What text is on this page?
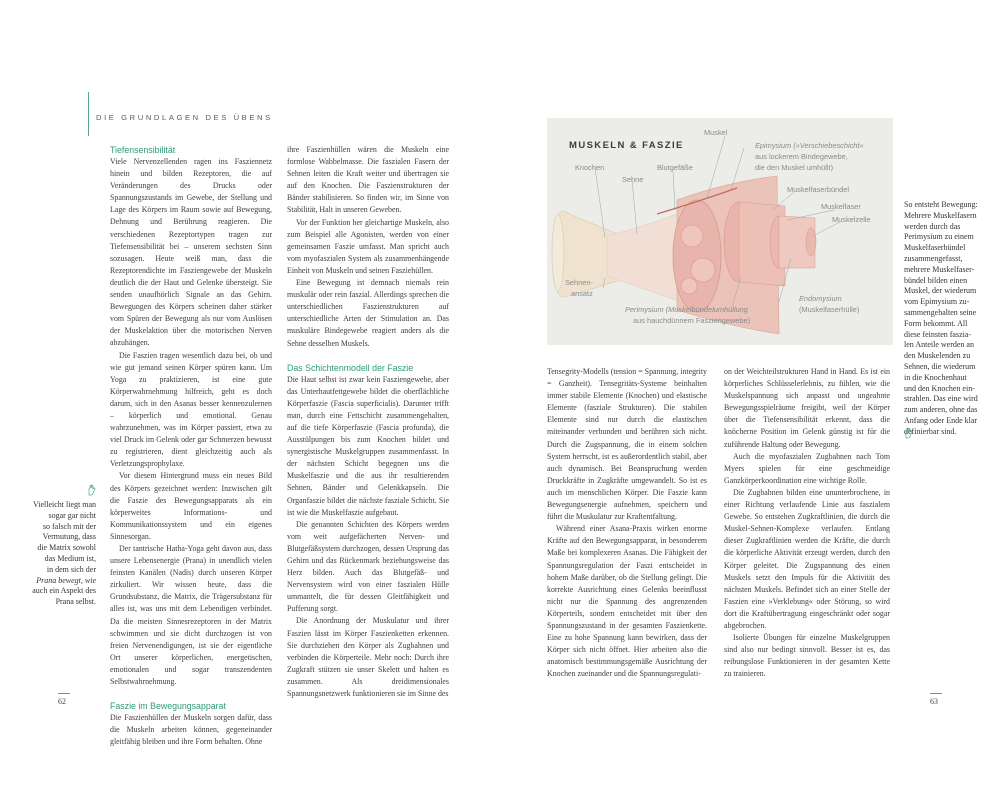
DIE GRUNDLAGEN DES ÜBENS
Vielleicht liegt man
sogar gar nicht
so falsch mit der
Vermutung, dass
die Matrix sowohl
das Medium ist,
in dem sich der
Prana bewegt, wie
auch ein Aspekt des
Prana selbst.
Tiefensensibilität

Viele Nervenzellenden ragen ins Fasziennetz hinein und bilden Rezeptoren, die auf Veränderungen des Drucks oder Spannungszustands im Gewebe, der Stellung und Lage des Körpers im Raum sowie auf Bewegung, Dehnung und Berührung reagieren. Die verschiedenen Rezeptortypen tragen zur Tiefensensibilität bei – unserem sechsten Sinn sozusagen. Heute weiß man, dass die Rezeptorendichte im Fasziengewebe der Muskeln deutlich die der Haut und Gelenke übersteigt. Sie senden unaufhörlich Signale an das Gehirn. Bewegungen des Körpers scheinen daher stärker vom Spüren der Bewegung als nur vom Auslösen der Muskelaktion über die motorischen Nerven abzuhängen.

Die Faszien tragen wesentlich dazu bei, ob und wie gut jemand seinen Körper spüren kann. Um Yoga zu praktizieren, ist eine gute Körperwahrnehmung hilfreich, geht es doch darum, sich in den Asanas besser kennenzulernen – körperlich und emotional. Genau wahrzunehmen, was im Körper passiert, etwa zu viel Druck im Gelenk oder gar Schmerzen bewusst zu registrieren, dient gleichzeitig auch als Verletzungsprophylaxe.

Vor diesem Hintergrund muss ein neues Bild des Körpers gezeichnet werden: Inzwischen gilt die Faszie des Bewegungsapparats als ein körperweites Informations- und Kommunikationssystem und ein eigenes Sinnesorgan.

Der tantrische Hatha-Yoga geht davon aus, dass unsere Lebensenergie (Prana) in unendlich vielen feinsten Kanälen (Nadis) durch unseren Körper zirkuliert. Wir wissen heute, dass die Grundsubstanz, die Matrix, die Trägersubstanz für alles ist, was uns mit dem Lebendigen verbindet. Da die meisten Sinnesrezeptoren in der Matrix schwimmen und sie dicht durchzogen ist von freien Nervenendigungen, ist sie der eigentliche Ort unserer körperlichen, energetischen, emotionalen und sogar transzendenten Selbstwahrnehmung.

Faszie im Bewegungsapparat

Die Faszienhüllen der Muskeln sorgen dafür, dass die Muskeln arbeiten können, gegeneinander gleitfähig bleiben und ihre Form behalten. Ohne

ihre Faszienhüllen wären die Muskeln eine formlose Wabbelmasse. Die faszialen Fasern der Sehnen leiten die Kraft weiter und übertragen sie auf den Knochen. Die Faszienstrukturen der Bänder stabilisieren. So finden wir, im Sinne von Stabilität, Halt in unseren Geweben.

Vor der Funktion her gleichartige Muskeln, also zum Beispiel alle Agonisten, werden von einer gemeinsamen Faszie umfasst. Man spricht auch vom myofaszialen System als zusammenhängende Einheit von Muskeln und seinen Fasziehüllen.

Eine Bewegung ist demnach niemals rein muskulär oder rein faszial. Allerdings sprechen die unterschiedlichen Faszienstrukturen auf unterschiedliche Arten der Stimulation an. Das muskuläre Bindegewebe reagiert anders als die Sehne desselben Muskels.

Das Schichtenmodell der Faszie

Die Haut selbst ist zwar kein Fasziengewebe, aber das Unterhautfettgewebe bildet die oberflächliche Körperfaszie (Fascia superficialis). Darunter trifft man, durch eine Fettschicht zusammengehalten, auf die tiefe Körperfaszie (Fascia profunda), die Ausstülpungen bis zum Knochen bildet und synergistische Muskelgruppen zusammenfasst. In der nächsten Schicht begegnen uns die Muskelfaszie und die aus ihr resultierenden Sehnen, Bänder und Gelenkkapseln. Die Organfaszie bildet die nächste fasziale Schicht. Sie ist wie die Muskelfaszie aufgebaut.

Die genannten Schichten des Körpers werden vom weit aufgefächerten Nerven- und Blutgefäßsystem durchzogen, dessen Ursprung das Gehirn und das Rückenmark beziehungsweise das Herz bilden. Auch das Blutgefäß- und Nervensystem wird von einer faszialen Hülle ummantelt, die für dessen Gleitfähigkeit und Pufferung sorgt.

Die Anordnung der Muskulatur und ihrer Faszien lässt im Körper Faszienketten erkennen. Sie durchziehen den Körper als Zugbahnen und verbinden die Körperteile. Mehr noch: Durch ihre Zugkraft stützen sie unser Skelett und halten es zusammen. Als dreidimensionales Spannungsnetzwerk funktionieren sie im Sinne des

62
MUSKELN & FASZIE
Muskel
Knochen
Sehne
Blutgefäße
Epimysium (»Verschiebeschicht«
aus lockerem Bindegewebe,
die den Muskel umhüllt)
Muskelfaserbündel
Muskelfaser
Muskelzelle
Sehnen-
ansatz
Endomysium
(Muskelfaserhülle)
Perimysium (Muskelbündelumhüllung
aus hauchdünnem Fasziengewebe)

Tensegrity-Modells (tension = Spannung, integrity = Ganzheit). Tensegritäts-Systeme beinhalten immer stabile Elemente (Knochen) und elastische Elemente (fasziale Strukturen). Die stabilen Elemente sind nur durch die elastischen miteinander verbunden und berühren sich nicht. Durch die Zugspannung, die in einem solchen System herrscht, ist es außerordentlich stabil, aber auch dynamisch. Bei Beanspruchung werden Druckkräfte in Zugkräfte umgewandelt. So ist es auch im menschlichen Körper. Die Faszie kann Bewegungsenergie aufnehmen, speichern und führt die Muskulatur zur Kraftentfaltung.

Während einer Asana-Praxis wirken enorme Kräfte auf den Bewegungsapparat, in besonderem Maße bei komplexeren Asanas. Die Fähigkeit der Spannungsregulation der Faszi entscheidet in hohem Maße darüber, ob die Stellung gelingt. Die korrekte Ausrichtung eines Gelenks beeinflusst nicht nur die Spannung des angrenzenden Körperteils, sondern entscheidet mit über den Spannungszustand in der gesamten Faszienkette. Eine zu hohe Spannung kann bewirken, dass der Körper sich nicht öffnet. Hier arbeiten also die anatomisch bestimmungsgemäße Ausrichtung der Knochen zueinander und die Spannungsregulati-

on der Weichteilstrukturen Hand in Hand. Es ist ein körperliches Schlüsselerlebnis, zu fühlen, wie die Muskelspannung sich anpasst und ungeahnte Bewegungsspielräume freigibt, weil der Körper über die Tiefensensibilität erkennt, dass die knöcherne Position im Gelenk günstig ist für die zuführende Haltung oder Bewegung.

Auch die myofaszialen Zugbahnen nach Tom Myers spielen für eine geschmeidige Ganzkörperkoordination eine wichtige Rolle.

Die Zugbahnen bilden eine ununterbrochene, in einer Richtung verlaufende Linie aus faszialem Gewebe. So entstehen Zugkraftlinien, die durch die Muskel-Sehnen-Komplexe verlaufen. Entlang dieser Zugkraftlinien werden die Kräfte, die durch die körperliche Aktivität erzeugt werden, durch den Körper geleitet. Die Zugspannung des einen Muskels setzt den Impuls für die Aktivität des nächsten Muskels. Befindet sich an einer Stelle der Faszien eine »Verklebung« oder Störung, so wird dort die Kraftübertragung eingeschränkt oder sogar abgebrochen.

Isolierte Übungen für einzelne Muskelgruppen sind also nur bedingt sinnvoll. Besser ist es, das reibungslose Funktionieren in der gesamten Kette zu trainieren.

So entsteht Bewegung:
Mehrere Muskelfasern
werden durch das
Perimysium zu einem
Muskelfaserbündel
zusammengefasst,
mehrere Muskelfaser-
bündel bilden einen
Muskel, der wiederum
vom Epimysium zu-
sammengehalten seine
Form bekommt. All
diese feinsten faszia-
len Anteile werden an
den Muskelenden zu
Sehnen, die wiederum
in die Knochenhaut
und den Knochen ein-
strahlen. Das eine wird
zum anderen, ohne das
Anfang oder Ende klar
definierbar sind.
63
